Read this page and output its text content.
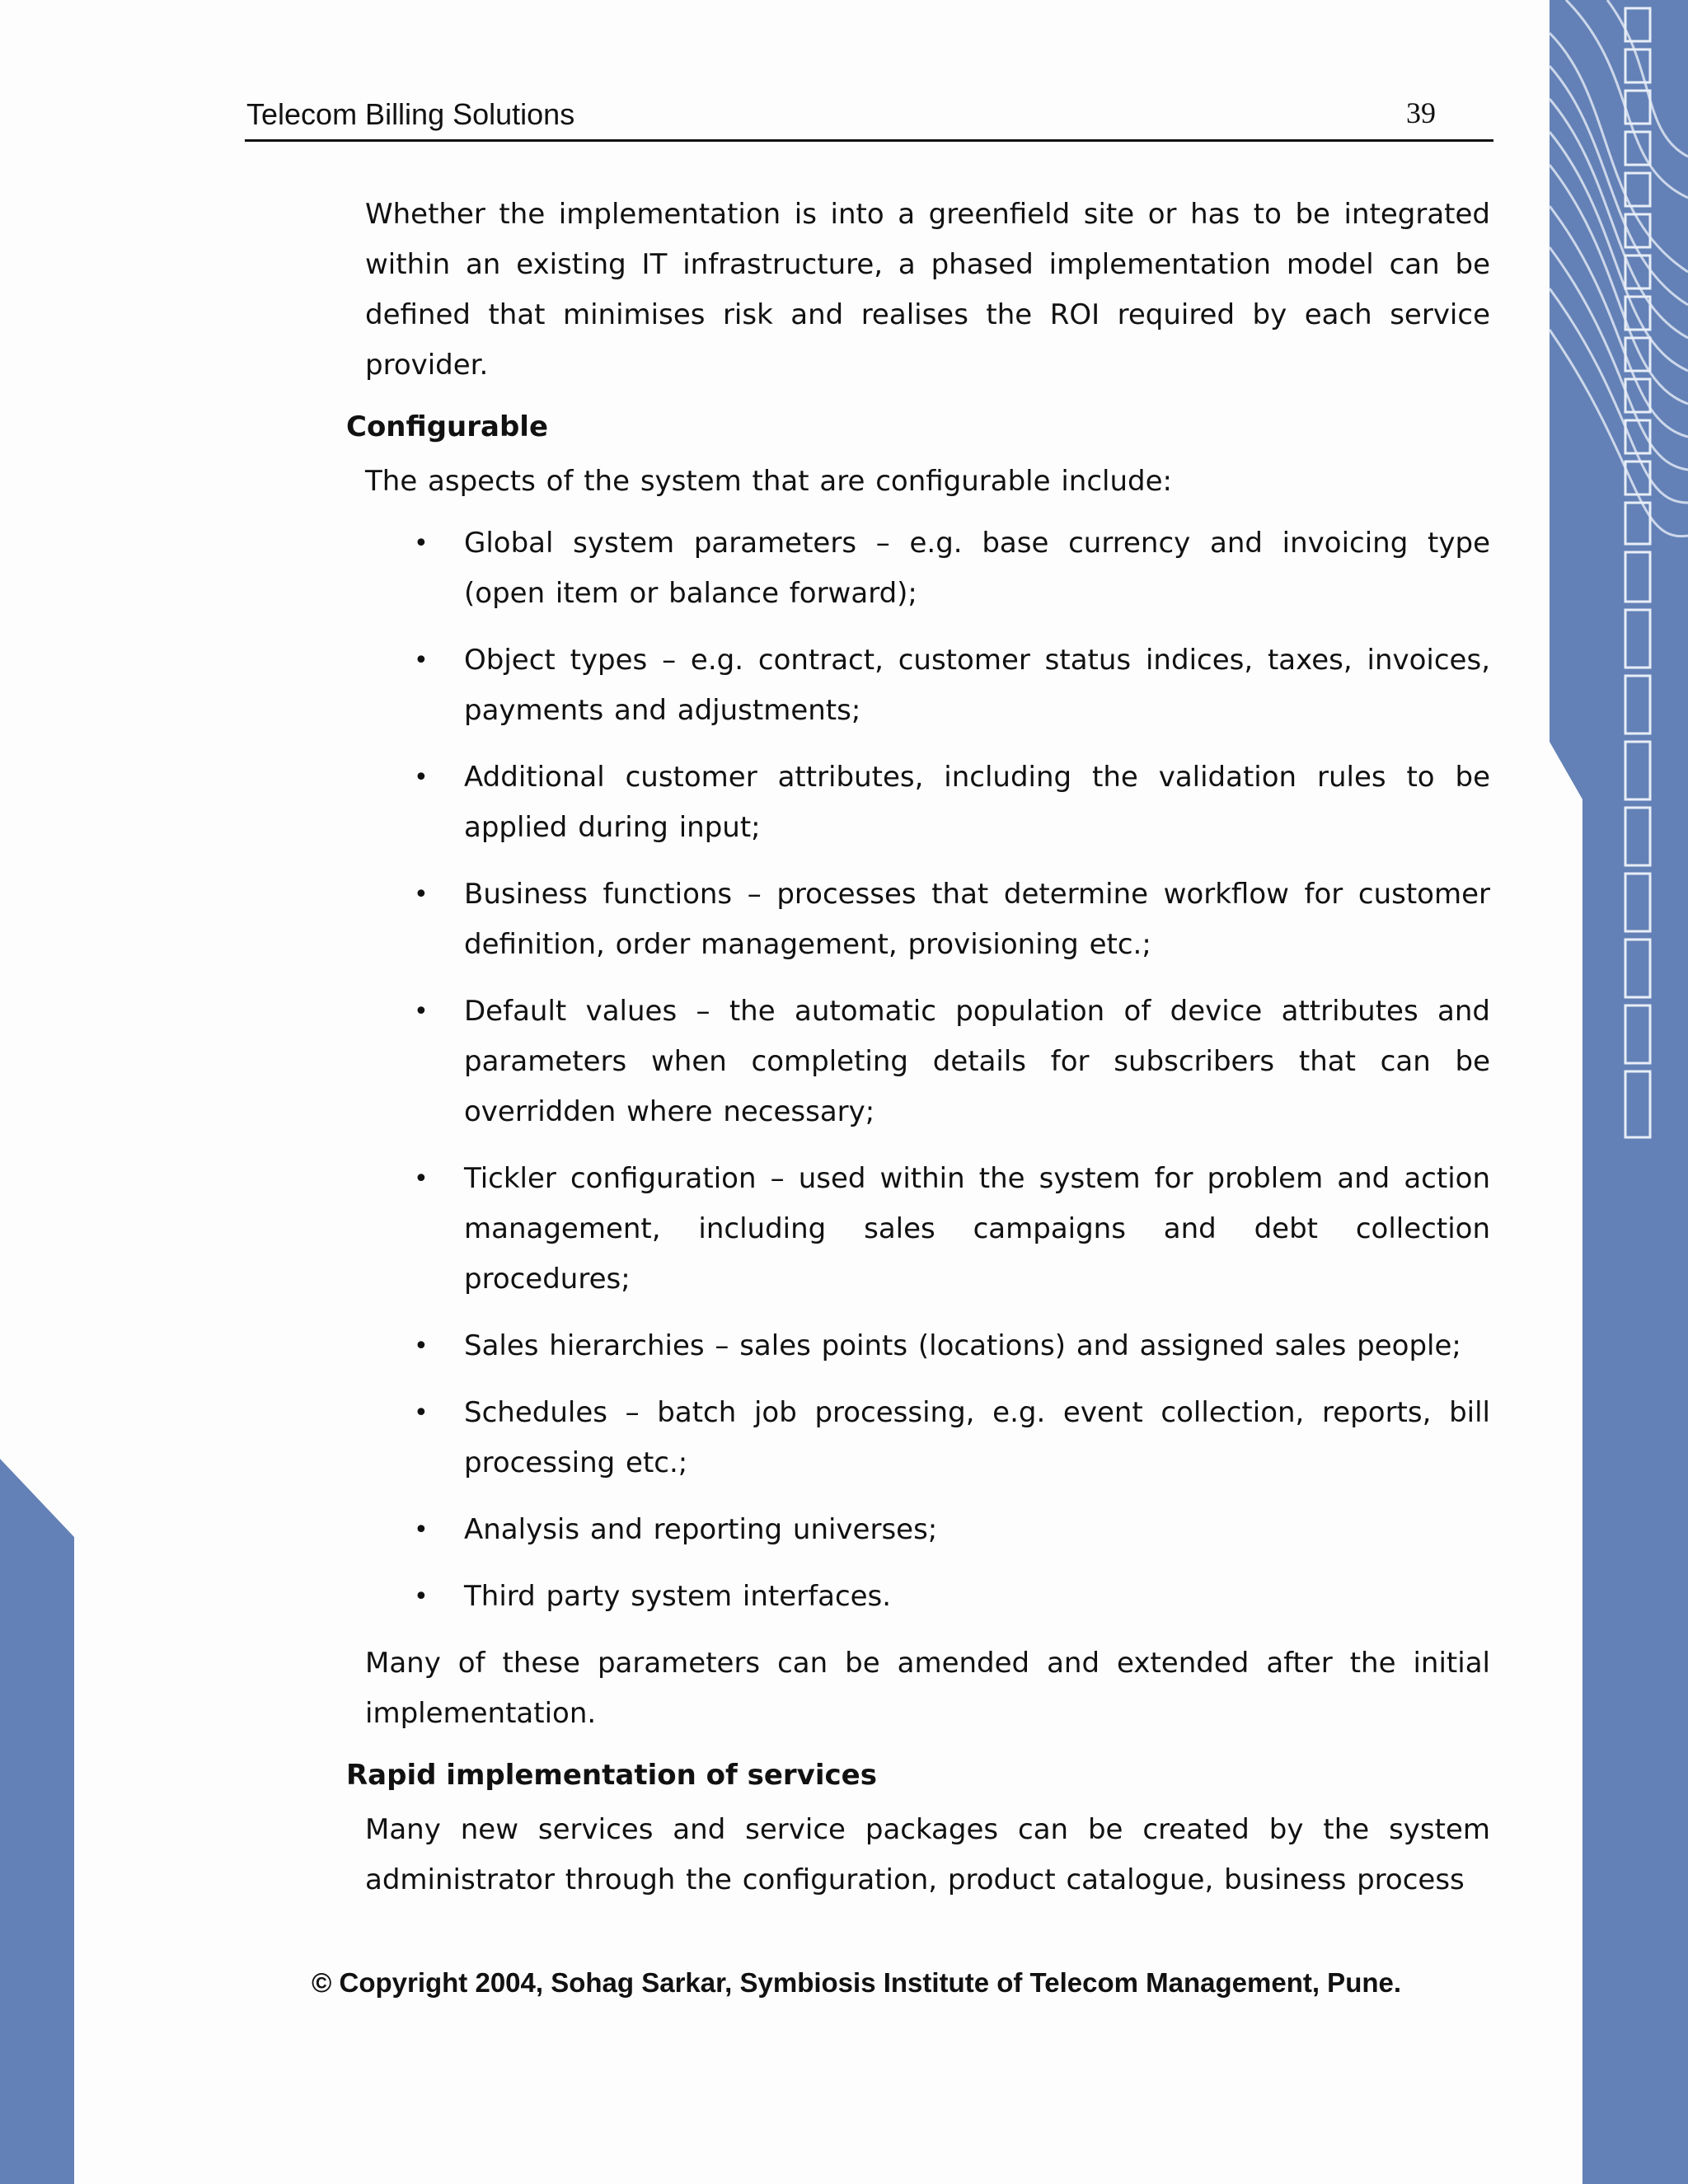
Telecom Billing Solutions	39

Whether the implementation is into a greenfield site or has to be integrated within an existing IT infrastructure, a phased implementation model can be defined that minimises risk and realises the ROI required by each service provider.

Configurable

The aspects of the system that are configurable include:

• Global system parameters – e.g. base currency and invoicing type (open item or balance forward);
• Object types – e.g. contract, customer status indices, taxes, invoices, payments and adjustments;
• Additional customer attributes, including the validation rules to be applied during input;
• Business functions – processes that determine workflow for customer definition, order management, provisioning etc.;
• Default values – the automatic population of device attributes and parameters when completing details for subscribers that can be overridden where necessary;
• Tickler configuration – used within the system for problem and action management, including sales campaigns and debt collection procedures;
• Sales hierarchies – sales points (locations) and assigned sales people;
• Schedules – batch job processing, e.g. event collection, reports, bill processing etc.;
• Analysis and reporting universes;
• Third party system interfaces.

Many of these parameters can be amended and extended after the initial implementation.

Rapid implementation of services

Many new services and service packages can be created by the system administrator through the configuration, product catalogue, business process

© Copyright 2004, Sohag Sarkar, Symbiosis Institute of Telecom Management, Pune.
